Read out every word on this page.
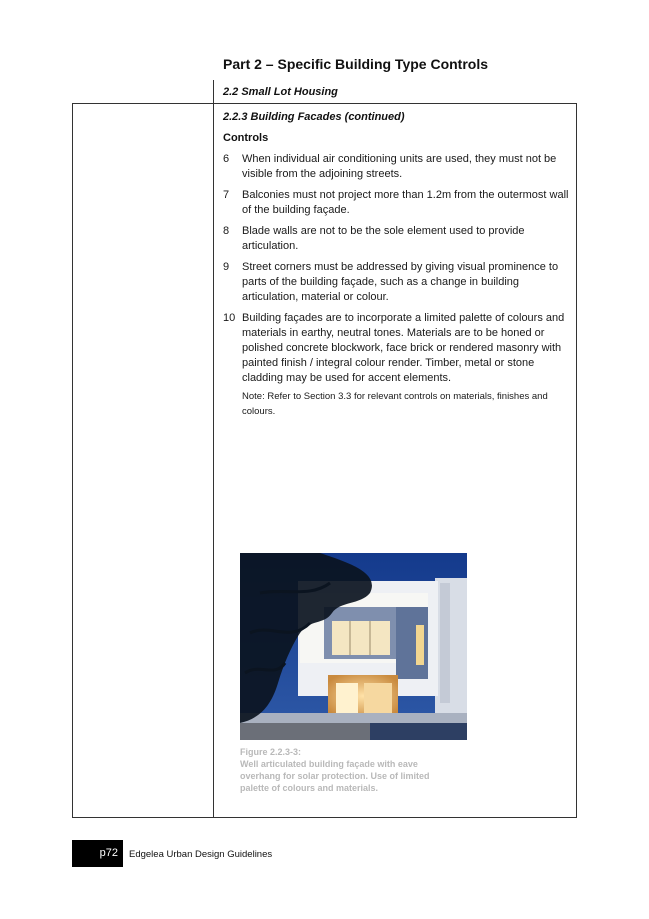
Part 2 – Specific Building Type Controls
2.2 Small Lot Housing
2.2.3 Building Facades (continued)
Controls
6	When individual air conditioning units are used, they must not be visible from the adjoining streets.
7	Balconies must not project more than 1.2m from the outermost wall of the building façade.
8	Blade walls are not to be the sole element used to provide articulation.
9	Street corners must be addressed by giving visual prominence to parts of the building façade, such as a change in building articulation, material or colour.
10 Building façades are to incorporate a limited palette of colours and materials in earthy, neutral tones. Materials are to be honed or polished concrete blockwork, face brick or rendered masonry with painted finish / integral colour render. Timber, metal or stone cladding may be used for accent elements.
Note: Refer to Section 3.3 for relevant controls on materials, finishes and colours.
Figure 2.2.3-3:
Well articulated building façade with eave overhang for solar protection. Use of limited palette of colours and materials.
p72	Edgelea Urban Design Guidelines
